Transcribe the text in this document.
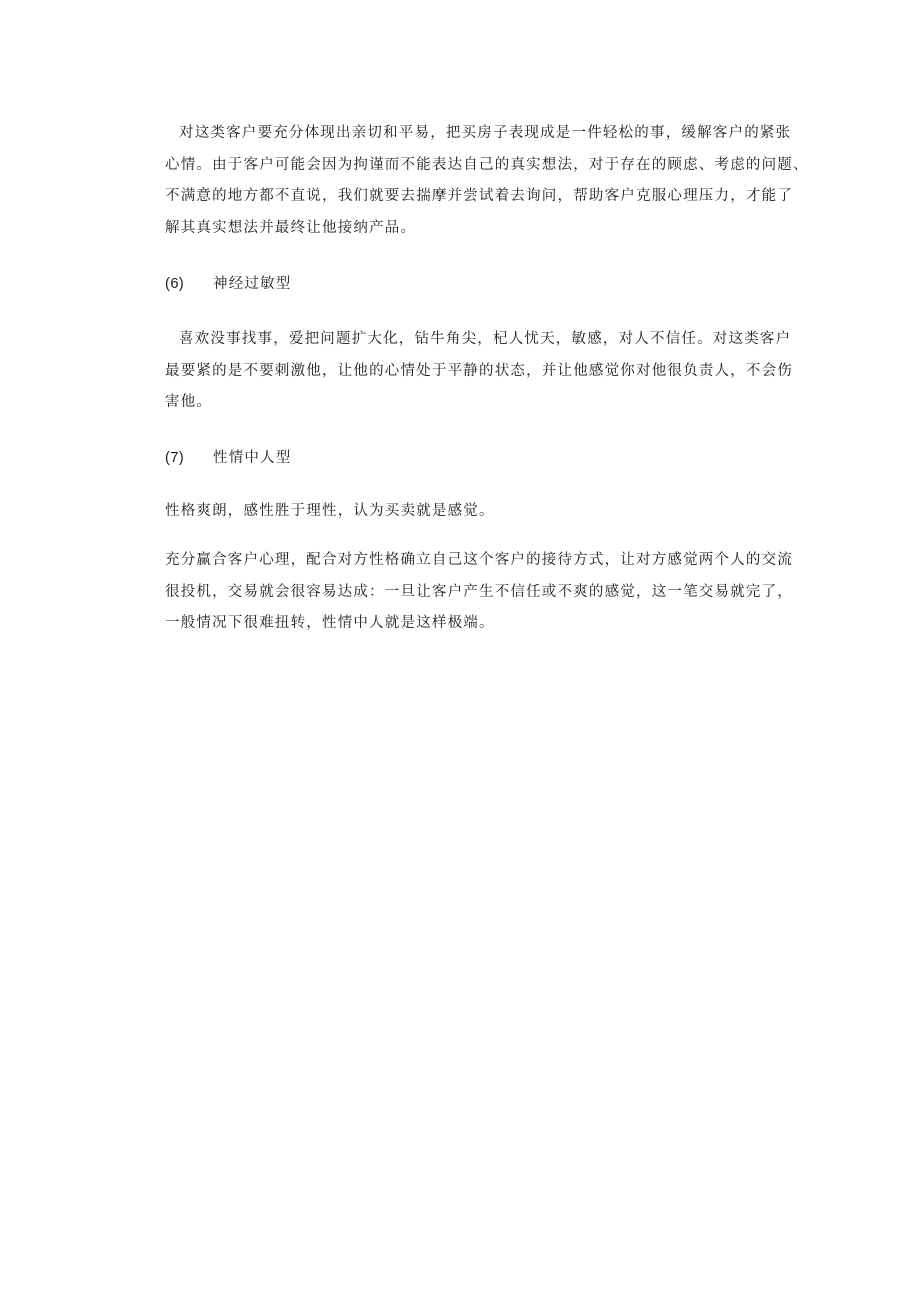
对这类客户要充分体现出亲切和平易，把买房子表现成是一件轻松的事，缓解客户的紧张
心情。由于客户可能会因为拘谨而不能表达自己的真实想法，对于存在的顾虑、考虑的问题、
不满意的地方都不直说，我们就要去揣摩并尝试着去询问，帮助客户克服心理压力，才能了
解其真实想法并最终让他接纳产品。

(6)	神经过敏型

喜欢没事找事，爱把问题扩大化，钻牛角尖，杞人忧天，敏感，对人不信任。对这类客户
最要紧的是不要刺激他，让他的心情处于平静的状态，并让他感觉你对他很负责人，不会伤
害他。

(7)	性情中人型

性格爽朗，感性胜于理性，认为买卖就是感觉。

充分赢合客户心理，配合对方性格确立自己这个客户的接待方式，让对方感觉两个人的交流
很投机，交易就会很容易达成：一旦让客户产生不信任或不爽的感觉，这一笔交易就完了，
一般情况下很难扭转，性情中人就是这样极端。
